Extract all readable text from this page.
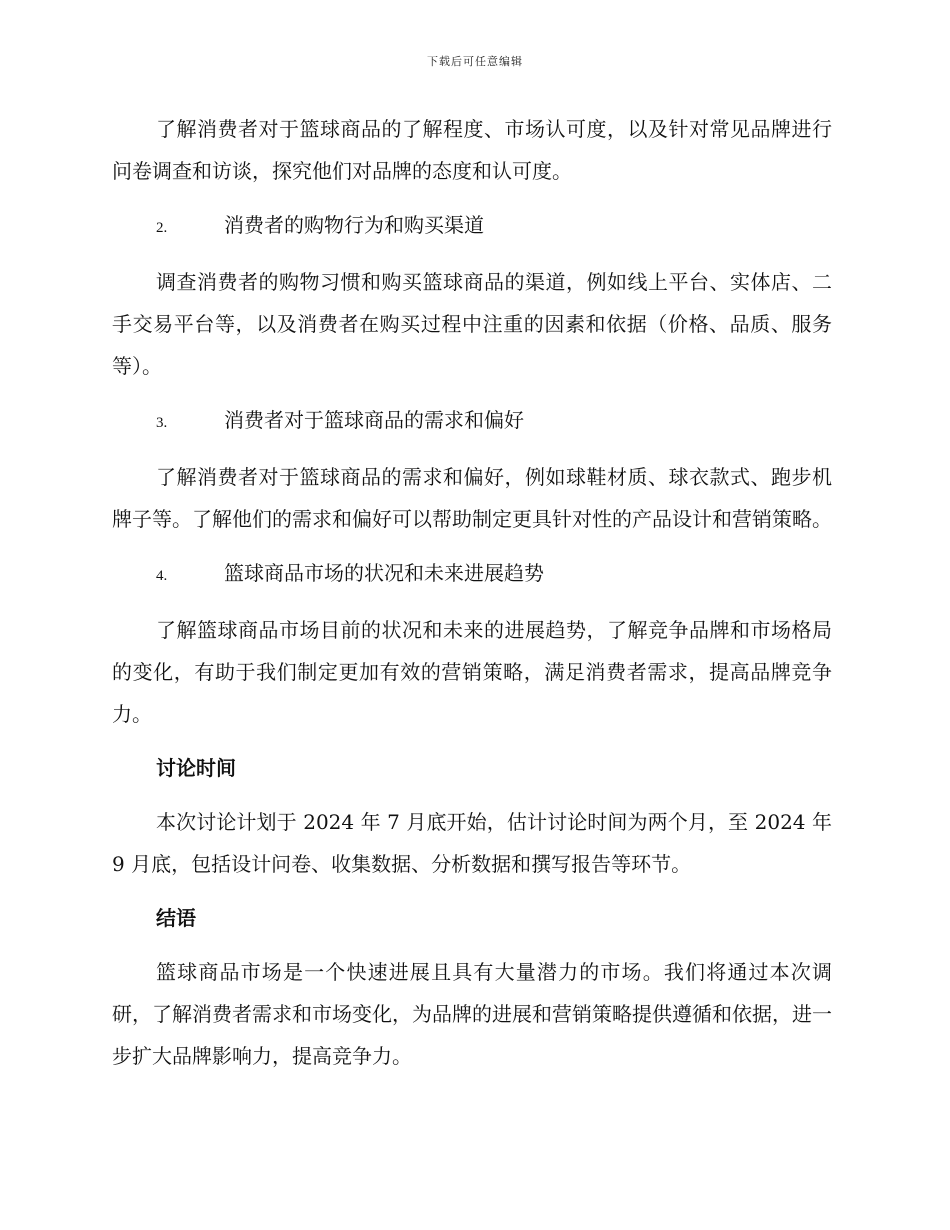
下载后可任意编辑

了解消费者对于篮球商品的了解程度、市场认可度，以及针对常见品牌进行问卷调查和访谈，探究他们对品牌的态度和认可度。

2.	消费者的购物行为和购买渠道

调查消费者的购物习惯和购买篮球商品的渠道，例如线上平台、实体店、二手交易平台等，以及消费者在购买过程中注重的因素和依据（价格、品质、服务等）。

3.	消费者对于篮球商品的需求和偏好

了解消费者对于篮球商品的需求和偏好，例如球鞋材质、球衣款式、跑步机牌子等。了解他们的需求和偏好可以帮助制定更具针对性的产品设计和营销策略。

4.	篮球商品市场的状况和未来进展趋势

了解篮球商品市场目前的状况和未来的进展趋势，了解竞争品牌和市场格局的变化，有助于我们制定更加有效的营销策略，满足消费者需求，提高品牌竞争力。

讨论时间

本次讨论计划于 2024 年 7 月底开始，估计讨论时间为两个月，至 2024 年 9 月底，包括设计问卷、收集数据、分析数据和撰写报告等环节。

结语

篮球商品市场是一个快速进展且具有大量潜力的市场。我们将通过本次调研，了解消费者需求和市场变化，为品牌的进展和营销策略提供遵循和依据，进一步扩大品牌影响力，提高竞争力。
